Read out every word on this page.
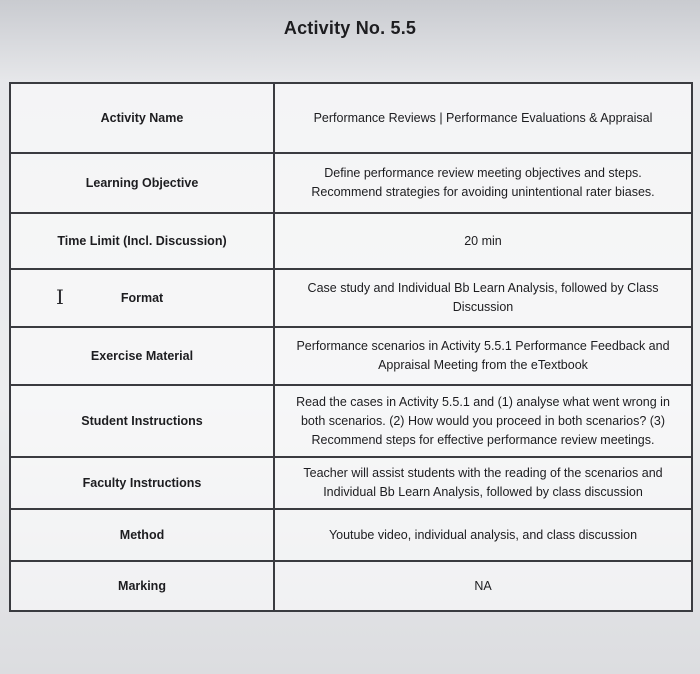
Activity No. 5.5
Activity Name	Performance Reviews | Performance Evaluations & Appraisal

Learning Objective	Define performance review meeting objectives and steps.
Recommend strategies for avoiding unintentional rater biases.

Time Limit (Incl. Discussion)	20 min

Format	Case study and Individual Bb Learn Analysis, followed by Class
Discussion

Exercise Material	Performance scenarios in Activity 5.5.1 Performance Feedback and
Appraisal Meeting from the eTextbook

Student Instructions	Read the cases in Activity 5.5.1 and (1) analyse what went wrong in
both scenarios. (2) How would you proceed in both scenarios? (3)
Recommend steps for effective performance review meetings.

Faculty Instructions	Teacher will assist students with the reading of the scenarios and
Individual Bb Learn Analysis, followed by class discussion

Method	Youtube video, individual analysis, and class discussion

Marking	NA
I
